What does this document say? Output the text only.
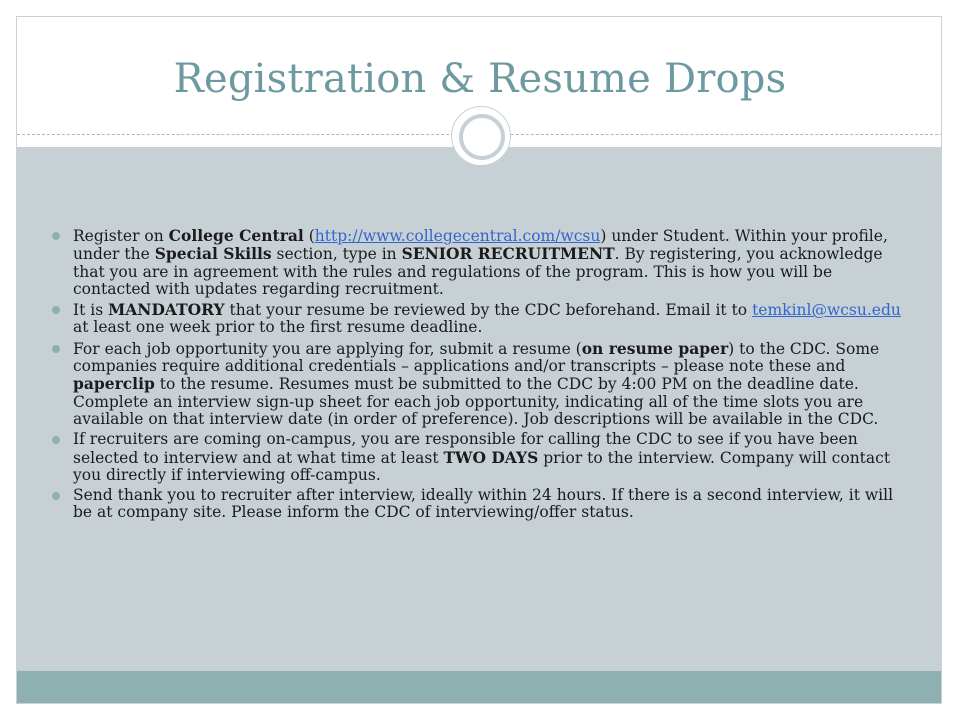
Registration & Resume Drops
Register on College Central (http://www.collegecentral.com/wcsu) under Student. Within your profile, under the Special Skills section, type in SENIOR RECRUITMENT. By registering, you acknowledge that you are in agreement with the rules and regulations of the program. This is how you will be contacted with updates regarding recruitment.
It is MANDATORY that your resume be reviewed by the CDC beforehand. Email it to temkinl@wcsu.edu at least one week prior to the first resume deadline.
For each job opportunity you are applying for, submit a resume (on resume paper) to the CDC. Some companies require additional credentials – applications and/or transcripts – please note these and paperclip to the resume. Resumes must be submitted to the CDC by 4:00 PM on the deadline date. Complete an interview sign-up sheet for each job opportunity, indicating all of the time slots you are available on that interview date (in order of preference). Job descriptions will be available in the CDC.
If recruiters are coming on-campus, you are responsible for calling the CDC to see if you have been selected to interview and at what time at least TWO DAYS prior to the interview. Company will contact you directly if interviewing off-campus.
Send thank you to recruiter after interview, ideally within 24 hours. If there is a second interview, it will be at company site. Please inform the CDC of interviewing/offer status.
